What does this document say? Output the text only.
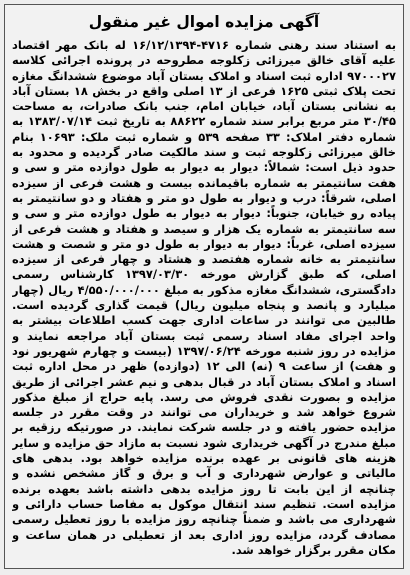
آگهی مزایده اموال غیر منقول
به استناد سند رهنی شماره ۴۷۱۶-۱۶/۱۲/۱۳۹۴ له بانک مهر اقتصاد علیه آقای خالق میرزائی زکلوجه مطروحه در پرونده اجرائی کلاسه ۹۷۰۰۰۲۷ اداره ثبت اسناد و املاک بستان آباد موضوع ششدانگ مغازه تحت پلاک ثبتی ۱۶۲۵ فرعی از ۱۳ اصلی واقع در بخش ۱۸ بستان آباد به نشانی بستان آباد، خیابان امام، جنب بانک صادرات، به مساحت ۳۰/۴۵ متر مربع برابر سند شماره ۸۸۶۲۲ به تاریخ ثبت ۱۳۸۳/۰۷/۱۴ به شماره دفتر املاک: ۳۳ صفحه ۵۳۹ و شماره ثبت ملک: ۱۰۶۹۳ بنام خالق میرزائی زکلوجه ثبت و سند مالکیت صادر گردیده و محدود به حدود ذیل است: شمالاً: دیوار به دیوار به طول دوازده متر و سی و هفت سانتیمتر به شماره باقیمانده بیست و هشت فرعی از سیزده اصلی، شرقاً: درب و دیوار به طول دو متر و هفتاد و دو سانتیمتر به پیاده رو خیابان، جنوباً: دیوار به دیوار به طول دوازده متر و سی و سه سانتیمتر به شماره یک هزار و سیصد و هفتاد و هشت فرعی از سیزده اصلی، غرباً: دیوار به دیوار به طول دو متر و شصت و هشت سانتیمتر به خانه شماره هفتصد و هشتاد و چهار فرعی از سیزده اصلی، که طبق گزارش مورخه ۱۳۹۷/۰۳/۳۰ کارشناس رسمی دادگستری، ششدانگ مغازه مذکور به مبلغ ۴/۵۵۰/۰۰۰/۰۰۰ ریال (چهار میلیارد و پانصد و پنجاه میلیون ریال) قیمت گذاری گردیده است. طالبین می توانند در ساعات اداری جهت کسب اطلاعات بیشتر به واحد اجرای مفاد اسناد رسمی ثبت بستان آباد مراجعه نمایند و مزایده در روز شنبه مورخه ۱۳۹۷/۰۶/۲۴ (بیست و چهارم شهریور نود و هفت) از ساعت ۹ (نه) الی ۱۲ (دوازده) ظهر در محل اداره ثبت اسناد و املاک بستان آباد در قبال بدهی و نیم عشر اجرائی از طریق مزایده و بصورت نقدی فروش می رسد. پایه حراج از مبلغ مذکور شروع خواهد شد و خریداران می توانند در وقت مقرر در جلسه مزایده حضور یافته و در جلسه شرکت نمایند. در صورتیکه رزقیه بر مبلغ مندرج در آگهی خریداری شود نسبت به مازاد حق مزایده و سایر هزینه های قانونی بر عهده برنده مزایده خواهد بود. بدهی های مالیاتی و عوارض شهرداری و آب و برق و گاز مشخص نشده و چنانچه از این بابت تا روز مزایده بدهی داشته باشد بعهده برنده مزایده است. تنظیم سند انتقال موکول به مفاصا حساب دارائی و شهرداری می باشد و ضمناً چنانچه روز مزایده با روز تعطیل رسمی مصادف گردد، مزایده روز اداری بعد از تعطیلی در همان ساعت و مکان مقرر برگزار خواهد شد.
